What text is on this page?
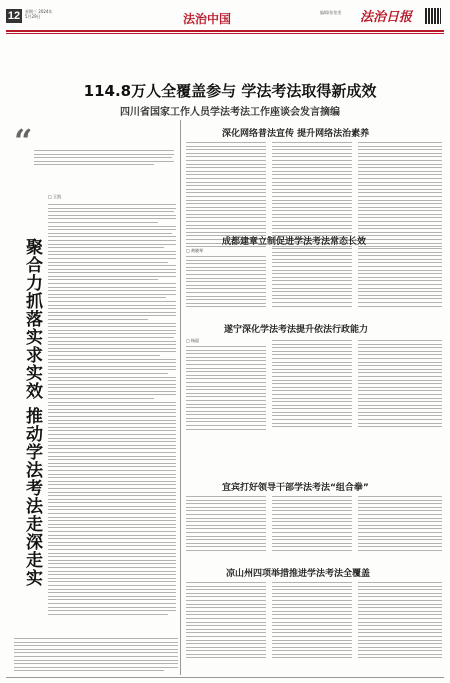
12	星期三 2024年5月29日	法治中国	编辑/张怡雯 法治日报
114.8万人全覆盖参与 学法考法取得新成效
四川省国家工作人员学法考法工作座谈会发言摘编
“
聚合力抓落实求实效 推动学法考法走深走实
□ 王凯
深化网络普法宣传 提升网络法治素养
成都建章立制促进学法考法常态长效
□ 黄晓琴
遂宁深化学法考法提升依法行政能力
□ 杨晨
宜宾打好领导干部学法考法“组合拳”
凉山州四项举措推进学法考法全覆盖
